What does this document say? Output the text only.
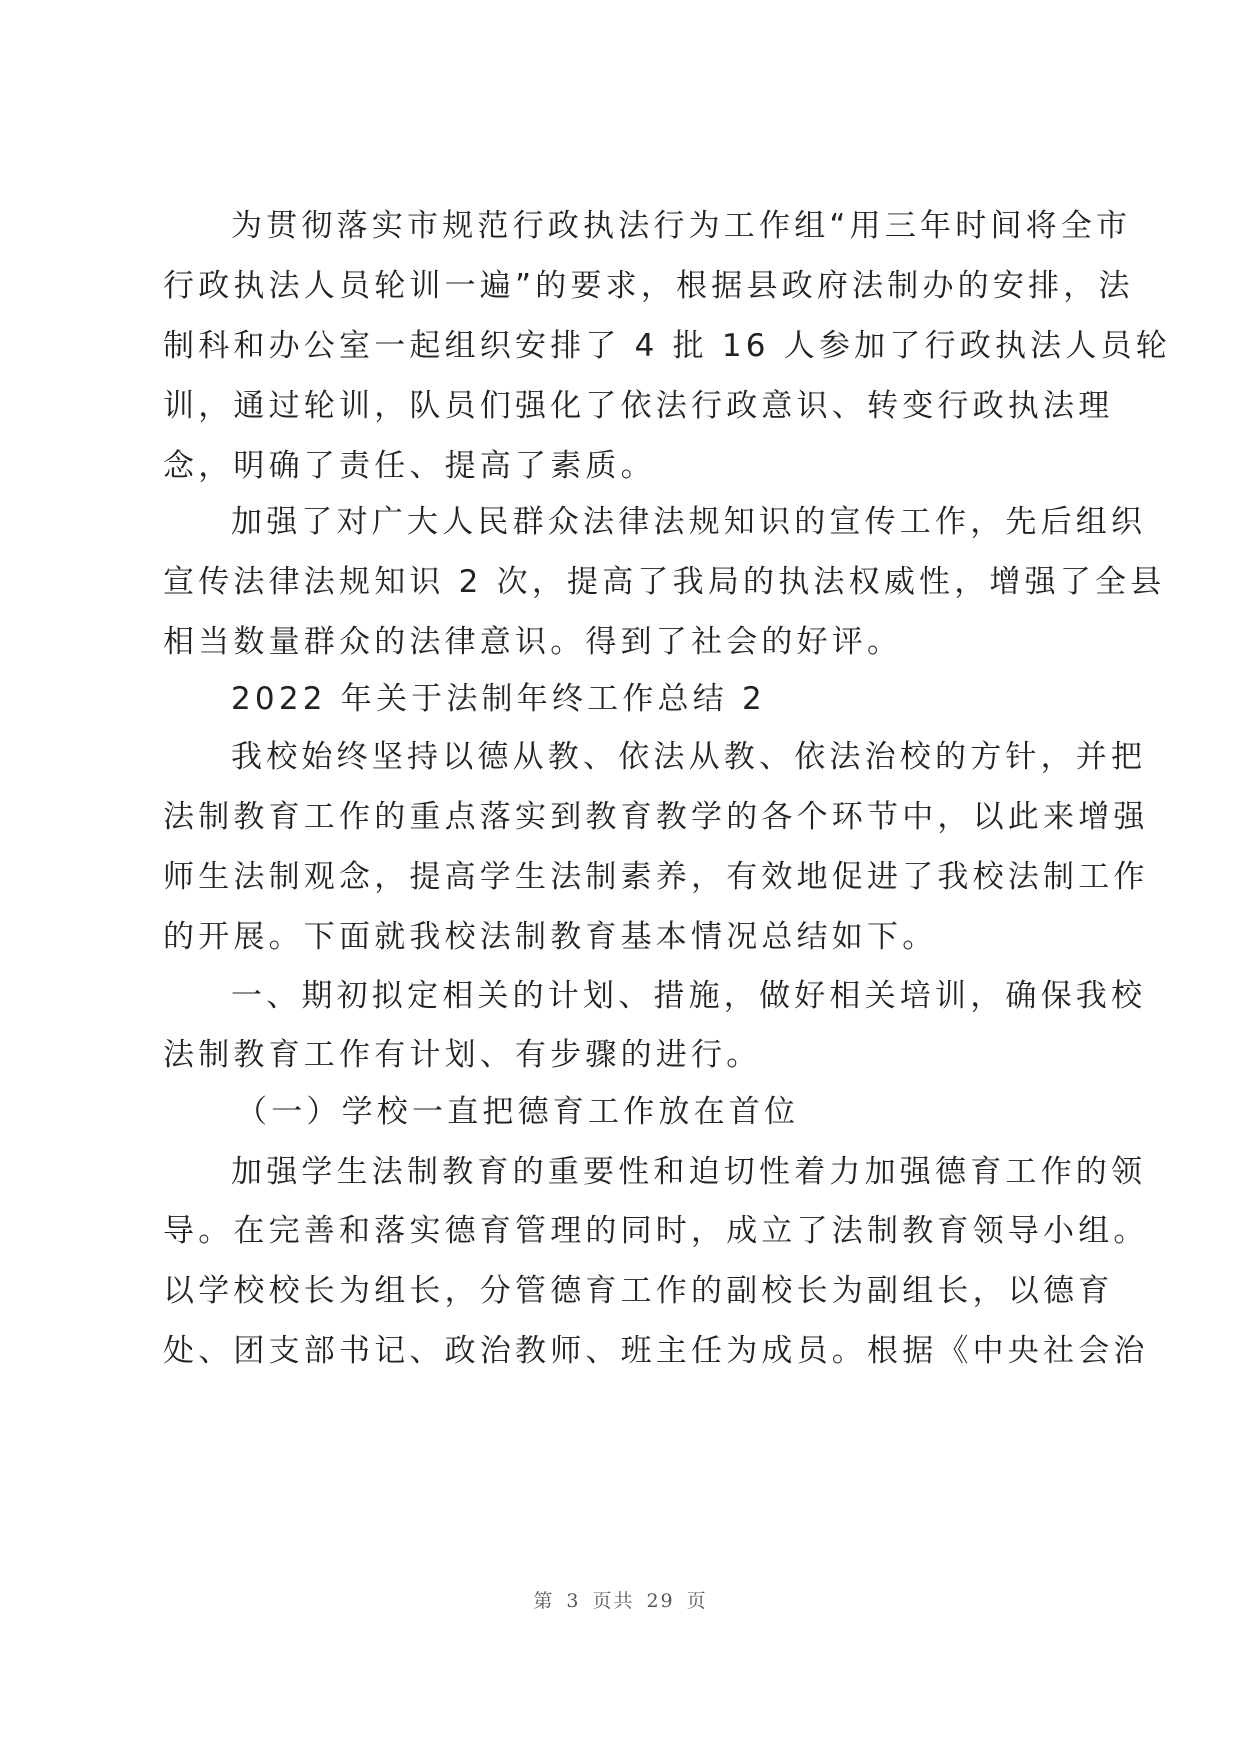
为贯彻落实市规范行政执法行为工作组“用三年时间将全市
行政执法人员轮训一遍”的要求，根据县政府法制办的安排，法
制科和办公室一起组织安排了 4 批 16 人参加了行政执法人员轮
训，通过轮训，队员们强化了依法行政意识、转变行政执法理
念，明确了责任、提高了素质。
加强了对广大人民群众法律法规知识的宣传工作，先后组织
宣传法律法规知识 2 次，提高了我局的执法权威性，增强了全县
相当数量群众的法律意识。得到了社会的好评。
2022 年关于法制年终工作总结 2
我校始终坚持以德从教、依法从教、依法治校的方针，并把
法制教育工作的重点落实到教育教学的各个环节中，以此来增强
师生法制观念，提高学生法制素养，有效地促进了我校法制工作
的开展。下面就我校法制教育基本情况总结如下。
一、期初拟定相关的计划、措施，做好相关培训，确保我校
法制教育工作有计划、有步骤的进行。
（一）学校一直把德育工作放在首位
加强学生法制教育的重要性和迫切性着力加强德育工作的领
导。在完善和落实德育管理的同时，成立了法制教育领导小组。
以学校校长为组长，分管德育工作的副校长为副组长，以德育
处、团支部书记、政治教师、班主任为成员。根据《中央社会治
第 3 页共 29 页
